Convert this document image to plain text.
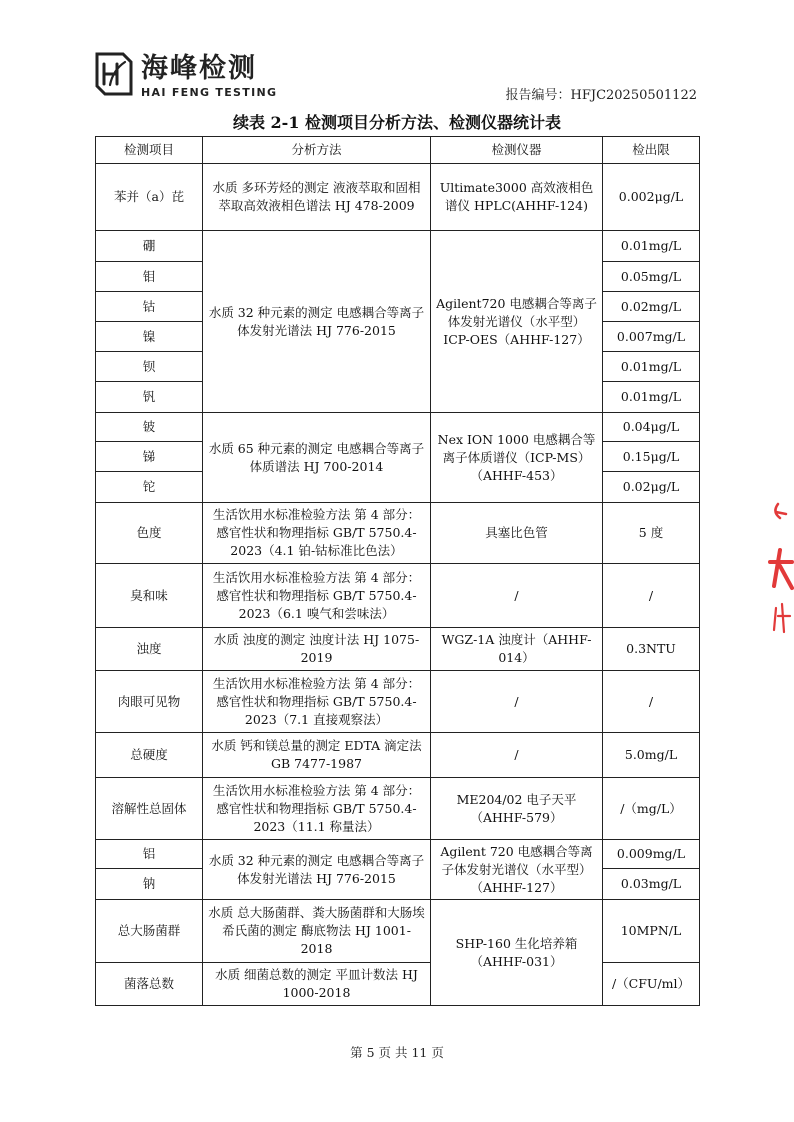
海峰检测
HAI FENG TESTING	报告编号：HFJC20250501122
续表 2-1 检测项目分析方法、检测仪器统计表
检测项目	分析方法	检测仪器	检出限
苯并（a）芘	水质 多环芳烃的测定 液液萃取和固相萃取高效液相色谱法 HJ 478-2009	Ultimate3000 高效液相色谱仪 HPLC(AHHF-124)	0.002μg/L
硼	水质 32 种元素的测定 电感耦合等离子体发射光谱法 HJ 776-2015	Agilent720 电感耦合等离子体发射光谱仪（水平型）ICP-OES（AHHF-127）	0.01mg/L
钼			0.05mg/L
钴			0.02mg/L
镍			0.007mg/L
钡			0.01mg/L
钒			0.01mg/L
铍	水质 65 种元素的测定 电感耦合等离子体质谱法 HJ 700-2014	Nex ION 1000 电感耦合等离子体质谱仪（ICP-MS）（AHHF-453）	0.04μg/L
锑			0.15μg/L
铊			0.02μg/L
色度	生活饮用水标准检验方法 第 4 部分：感官性状和物理指标 GB/T 5750.4-2023（4.1 铂-钴标准比色法）	具塞比色管	5 度
臭和味	生活饮用水标准检验方法 第 4 部分：感官性状和物理指标 GB/T 5750.4-2023（6.1 嗅气和尝味法）	/	/
浊度	水质 浊度的测定 浊度计法 HJ 1075-2019	WGZ-1A 浊度计（AHHF-014）	0.3NTU
肉眼可见物	生活饮用水标准检验方法 第 4 部分：感官性状和物理指标 GB/T 5750.4-2023（7.1 直接观察法）	/	/
总硬度	水质 钙和镁总量的测定 EDTA 滴定法 GB 7477-1987	/	5.0mg/L
溶解性总固体	生活饮用水标准检验方法 第 4 部分：感官性状和物理指标 GB/T 5750.4-2023（11.1 称量法）	ME204/02 电子天平（AHHF-579）	/（mg/L）
铝	水质 32 种元素的测定 电感耦合等离子体发射光谱法 HJ 776-2015	Agilent 720 电感耦合等离子体发射光谱仪（水平型）（AHHF-127）	0.009mg/L
钠			0.03mg/L
总大肠菌群	水质 总大肠菌群、粪大肠菌群和大肠埃希氏菌的测定 酶底物法 HJ 1001-2018	SHP-160 生化培养箱（AHHF-031）	10MPN/L
菌落总数	水质 细菌总数的测定 平皿计数法 HJ 1000-2018		/（CFU/ml）
第 5 页 共 11 页
